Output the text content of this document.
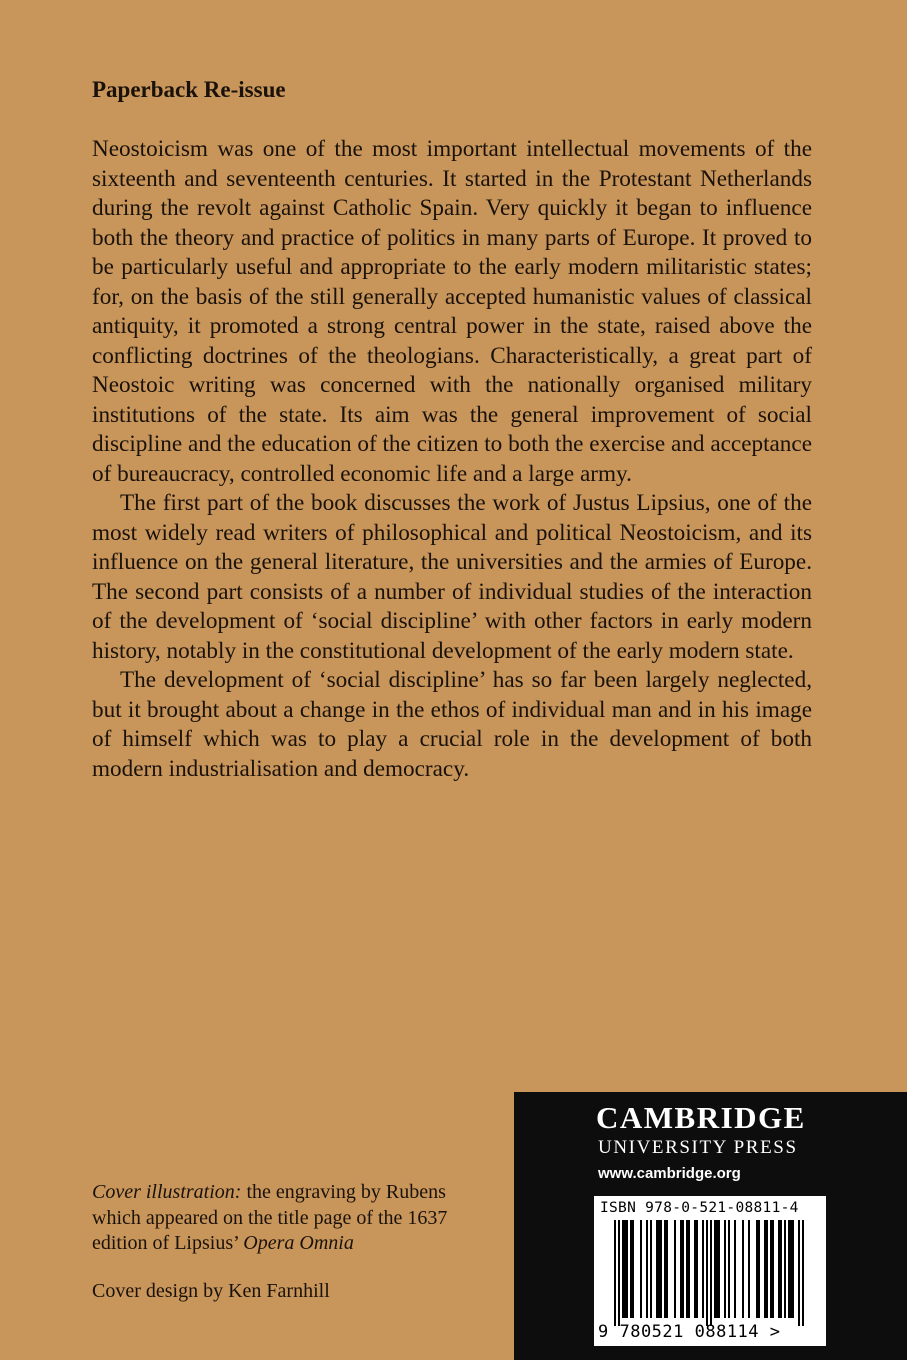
Paperback Re-issue

Neostoicism was one of the most important intellectual movements of the sixteenth and seventeenth centuries. It started in the Protestant Netherlands during the revolt against Catholic Spain. Very quickly it began to influence both the theory and practice of politics in many parts of Europe. It proved to be particularly useful and appropriate to the early modern militaristic states; for, on the basis of the still generally accepted humanistic values of classical antiquity, it promoted a strong central power in the state, raised above the conflicting doctrines of the theologians. Characteristically, a great part of Neostoic writing was concerned with the nationally organised military institutions of the state. Its aim was the general improvement of social discipline and the education of the citizen to both the exercise and acceptance of bureaucracy, controlled economic life and a large army.

The first part of the book discusses the work of Justus Lipsius, one of the most widely read writers of philosophical and political Neostoicism, and its influence on the general literature, the universities and the armies of Europe. The second part consists of a number of individual studies of the interaction of the development of ‘social discipline’ with other factors in early modern history, notably in the constitutional development of the early modern state.

The development of ‘social discipline’ has so far been largely neglected, but it brought about a change in the ethos of individual man and in his image of himself which was to play a crucial role in the development of both modern industrialisation and democracy.

Cover illustration: the engraving by Rubens which appeared on the title page of the 1637 edition of Lipsius’ Opera Omnia
Cover design by Ken Farnhill
CAMBRIDGE
UNIVERSITY PRESS
www.cambridge.org
ISBN 978-0-521-08811-4
9 780521 088114 >
